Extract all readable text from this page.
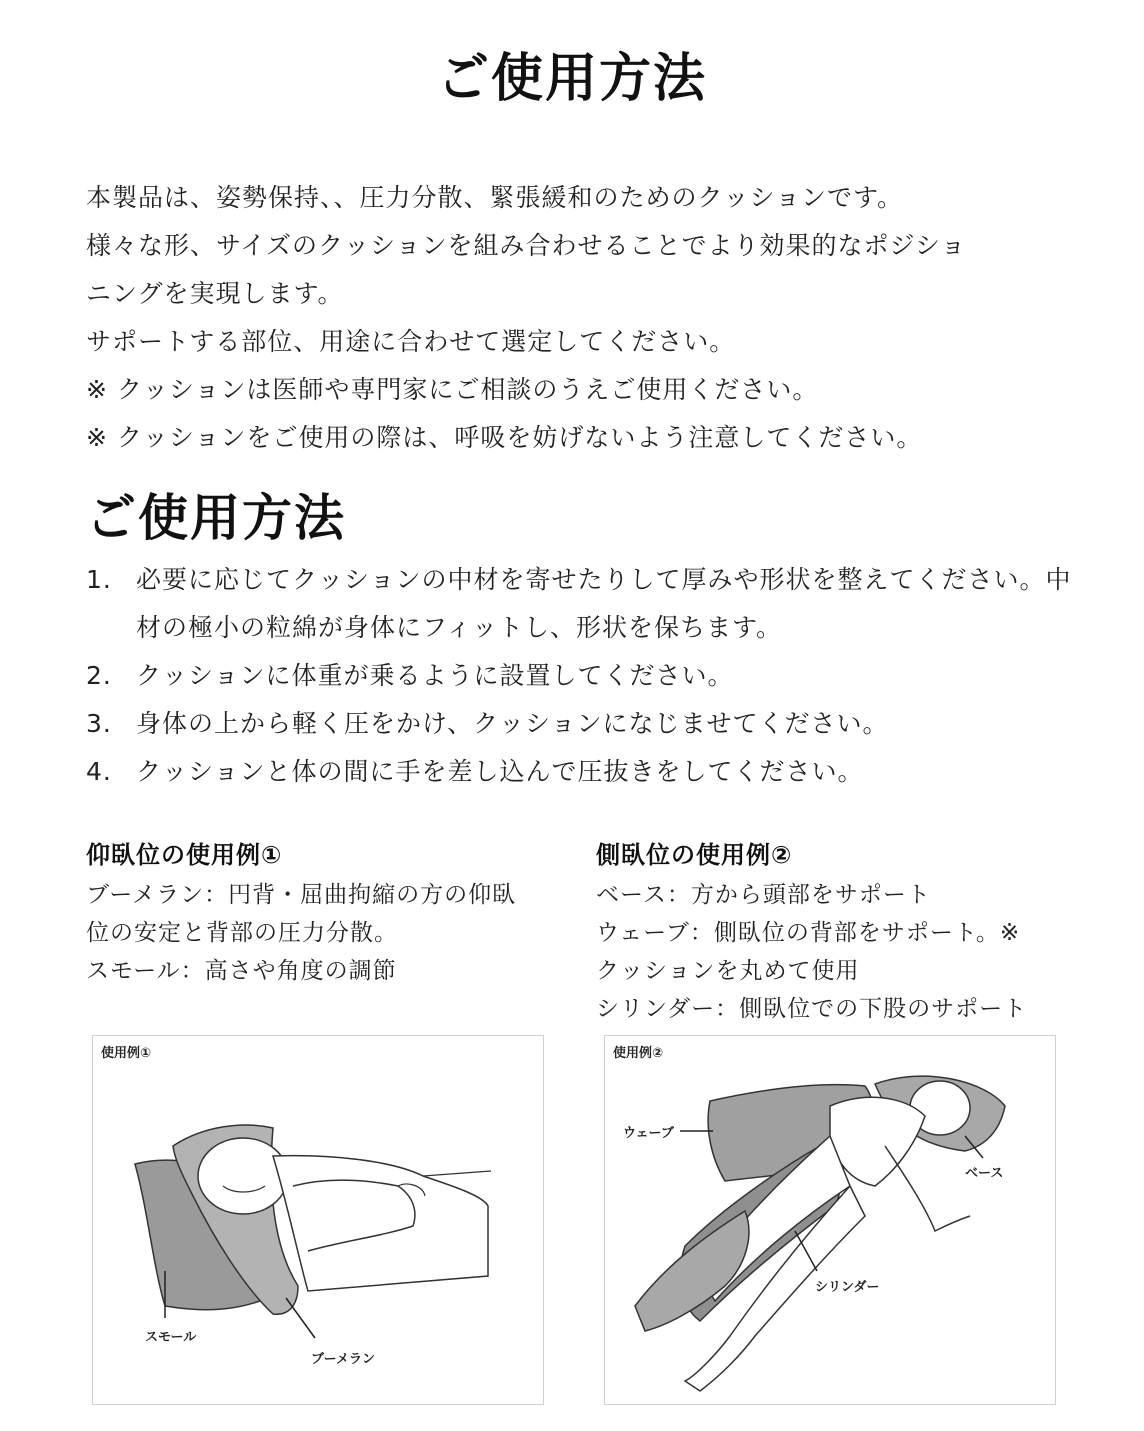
ご使用方法

本製品は、姿勢保持、、圧力分散、緊張緩和のためのクッションです。

様々な形、サイズのクッションを組み合わせることでより効果的なポジショ

ニングを実現します。

サポートする部位、用途に合わせて選定してください。

※ クッションは医師や専門家にご相談のうえご使用ください。

※ クッションをご使用の際は、呼吸を妨げないよう注意してください。

ご使用方法
1. 必要に応じてクッションの中材を寄せたりして厚みや形状を整えてください。中材の極小の粒綿が身体にフィットし、形状を保ちます。
2. クッションに体重が乗るように設置してください。
3. 身体の上から軽く圧をかけ、クッションになじませてください。
4. クッションと体の間に手を差し込んで圧抜きをしてください。
仰臥位の使用例①

ブーメラン：円背・屈曲拘縮の方の仰臥

位の安定と背部の圧力分散。

スモール：高さや角度の調節

側臥位の使用例②

ベース：方から頭部をサポート

ウェーブ：側臥位の背部をサポート。※

クッションを丸めて使用

シリンダー：側臥位での下股のサポート

使用例①
スモール
ブーメラン
使用例②
ウェーブ
ベース
シリンダー
